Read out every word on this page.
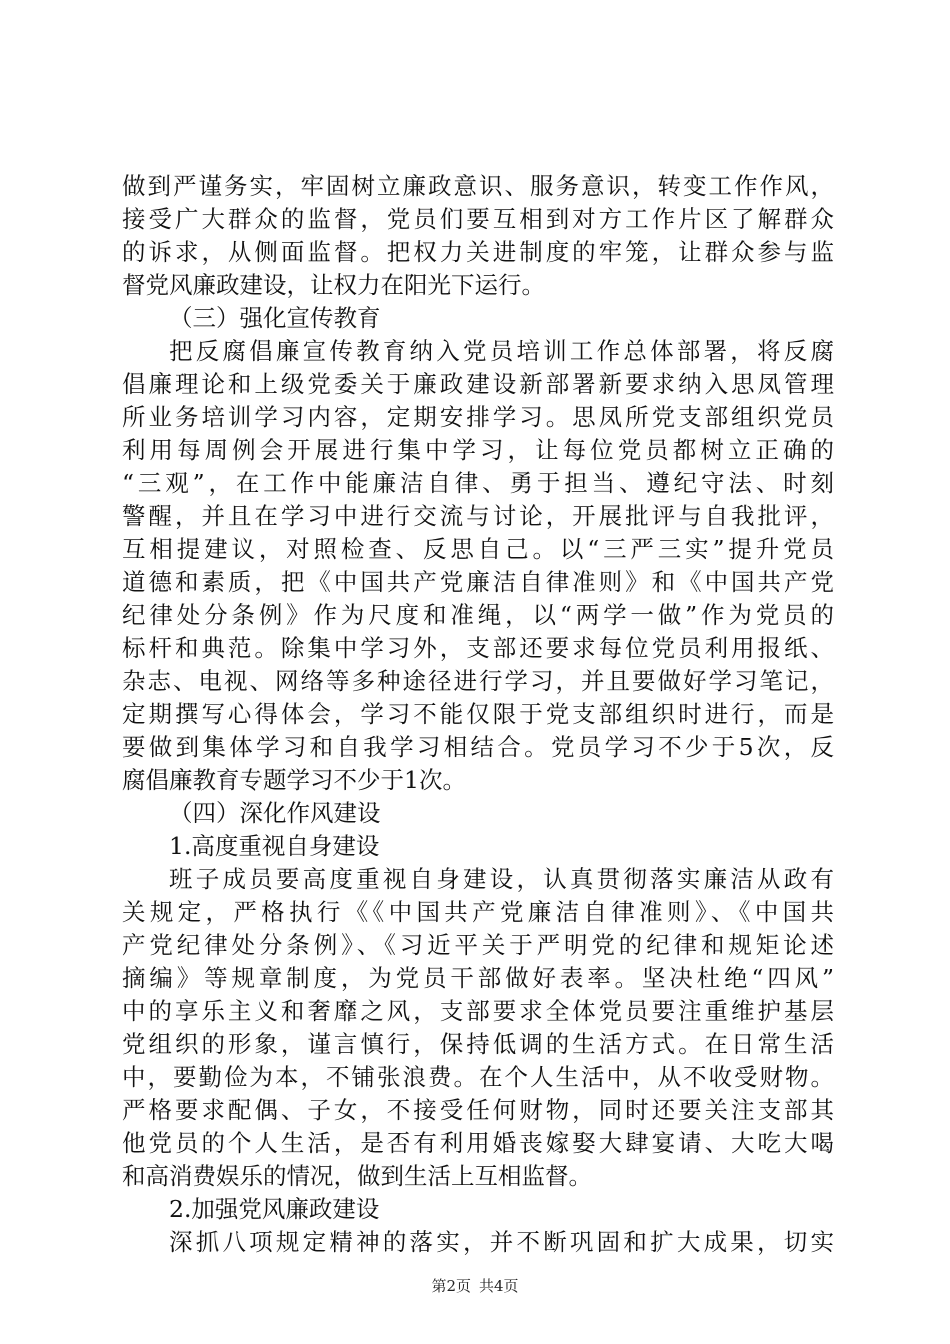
做到严谨务实，牢固树立廉政意识、服务意识，转变工作作风，
接受广大群众的监督，党员们要互相到对方工作片区了解群众
的诉求，从侧面监督。把权力关进制度的牢笼，让群众参与监
督党风廉政建设，让权力在阳光下运行。
（三）强化宣传教育
把反腐倡廉宣传教育纳入党员培训工作总体部署，将反腐
倡廉理论和上级党委关于廉政建设新部署新要求纳入思凤管理
所业务培训学习内容，定期安排学习。思凤所党支部组织党员
利用每周例会开展进行集中学习，让每位党员都树立正确的
“三观”，在工作中能廉洁自律、勇于担当、遵纪守法、时刻
警醒，并且在学习中进行交流与讨论，开展批评与自我批评，
互相提建议，对照检查、反思自己。以“三严三实”提升党员
道德和素质，把《中国共产党廉洁自律准则》和《中国共产党
纪律处分条例》作为尺度和准绳，以“两学一做”作为党员的
标杆和典范。除集中学习外，支部还要求每位党员利用报纸、
杂志、电视、网络等多种途径进行学习，并且要做好学习笔记，
定期撰写心得体会，学习不能仅限于党支部组织时进行，而是
要做到集体学习和自我学习相结合。党员学习不少于5次，反
腐倡廉教育专题学习不少于1次。
（四）深化作风建设
1.高度重视自身建设
班子成员要高度重视自身建设，认真贯彻落实廉洁从政有
关规定，严格执行《《中国共产党廉洁自律准则》、《中国共
产党纪律处分条例》、《习近平关于严明党的纪律和规矩论述
摘编》等规章制度，为党员干部做好表率。坚决杜绝“四风”
中的享乐主义和奢靡之风，支部要求全体党员要注重维护基层
党组织的形象，谨言慎行，保持低调的生活方式。在日常生活
中，要勤俭为本，不铺张浪费。在个人生活中，从不收受财物。
严格要求配偶、子女，不接受任何财物，同时还要关注支部其
他党员的个人生活，是否有利用婚丧嫁娶大肆宴请、大吃大喝
和高消费娱乐的情况，做到生活上互相监督。
2.加强党风廉政建设
深抓八项规定精神的落实，并不断巩固和扩大成果，切实
第2页 共4页
